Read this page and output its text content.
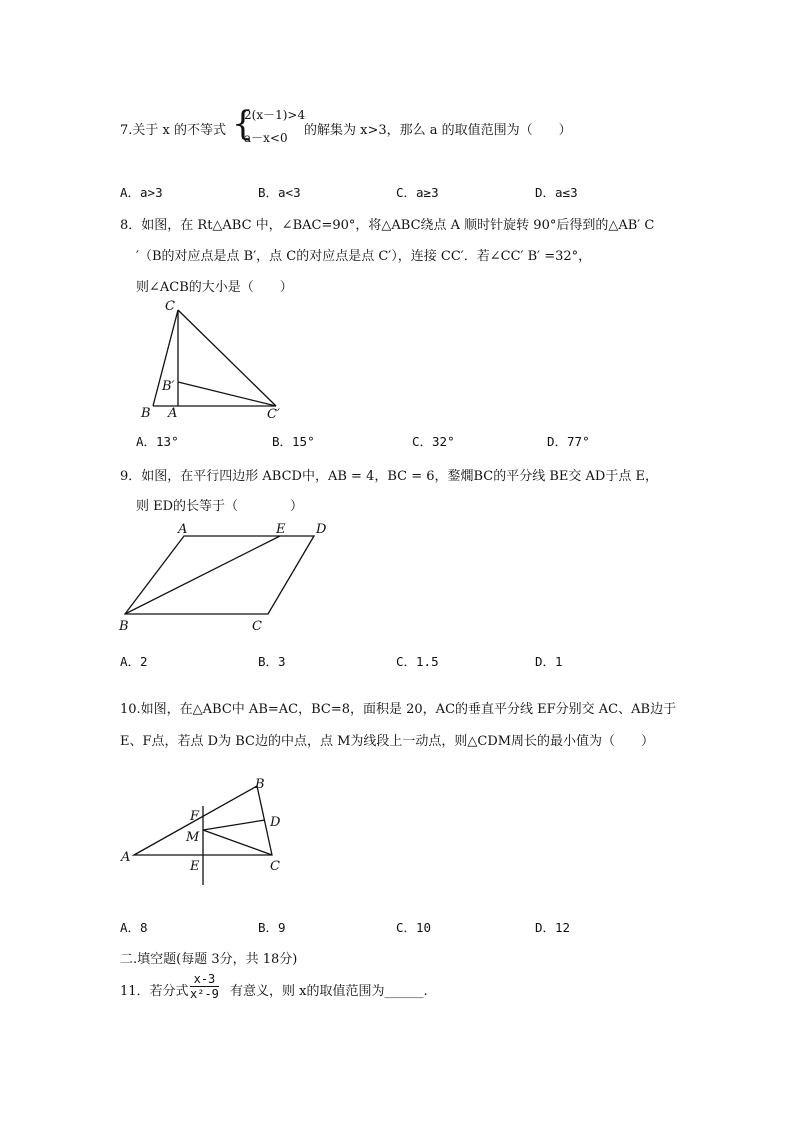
7.关于 x 的不等式 {
2(x－1)>4
a－x<0 的解集为 x>3，那么 a 的取值范围为（　　）
A．a>3	B．a<3	C．a≥3	D．a≤3
8．如图，在 Rt△ABC 中，∠BAC=90°，将△ABC绕点 A 顺时针旋转 90°后得到的△AB′ C
′（B的对应点是点 B′，点 C的对应点是点 C′），连接 CC′．若∠CC′ B′ =32°，
则∠ACB的大小是（　　）
C
B′
B A	C′
A．13°	B．15°	C．32°	D．77°
9．如图，在平行四边形 ABCD中，AB = 4，BC = 6，鍪燗BC的平分线 BE交 AD于点 E，
则 ED的长等于（　　　　）
A	E D
B	C
A．2	B．3	C．1.5	D．1
10.如图，在△ABC中 AB=AC，BC=8，面积是 20，AC的垂直平分线 EF分别交 AC、AB边于
E、F点，若点 D为 BC边的中点，点 M为线段上一动点，则△CDM周长的最小值为（　　）
B
F	D
M
A
E	C
A．8	B．9	C．10	D．12
二.填空题(每题 3分，共 18分)
11．若分式 $\frac{x-3}{\text{x²-9}}$ 有意义，则 x的取值范围为______.
